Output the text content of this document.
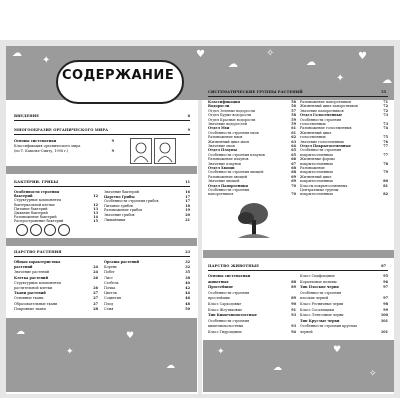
☁
✦
♥
☁
✧
☁
✦
♥
☁
СОДЕРЖАНИЕ
ВВЕДЕНИЕ	8
МНОГООБРАЗИЕ ОРГАНИЧЕСКОГО МИРА	9
Основы систематики	9
Классификация органического мира
(по Т. Кавалье-Смиту, 1998 г.)	9
БАКТЕРИИ. ГРИБЫ	11
Особенности строения
бактерий	12
Структурные компоненты
бактериальной клетки	12
Питание бактерий	13
Дыхание бактерий	13
Размножение бактерий	14
Распространение бактерий	15
Значение бактерий	16
Царство Грибы	17
Особенности строения грибов	17
Питание грибов	18
Размножение грибов	19
Значение грибов	20
Лишайники	21
ЦАРСТВО РАСТЕНИЯ	23
Общая характеристика
растений	24
Значение растений	24
Клетка растений	26
Структурные компоненты
растительной клетки	26
Ткани растений	27
Основные ткани	27
Образовательные ткани	27
Покровные ткани	28
Органы растений	32
Корень	32
Побег	35
Лист	38
Стебель	40
Почка	42
Цветок	44
Соцветия	46
Плод	48
Семя	50
☁
✦
♥
☁
СИСТЕМАТИЧЕСКИЕ ГРУППЫ РАСТЕНИЙ	55
Классификация	56
Водоросли	56
Отдел Зеленые водоросли	57
Отдел Бурые водоросли	58
Отдел Красные водоросли	59
Значение водорослей	59
Отдел Мхи	61
Особенности строения мхов	61
Размножение мхов	62
Жизненный цикл мхов	63
Значение мхов	64
Отдел Плауны	65
Особенности строения плаунов	65
Размножение плаунов	66
Значение плаунов	67
Отдел Хвощи	68
Особенности строения хвощей	68
Размножение хвощей	69
Значение хвощей	69
Отдел Папоротники	70
Особенности строения
папоротников	70
Размножение папоротников	71
Жизненный цикл папоротников	72
Значение папоротников	72
Отдел Голосеменные	73
Особенности строения
голосеменных	73
Размножение голосеменных	74
Жизненный цикл
голосеменных	75
Значение голосеменных	76
Отдел Покрытосеменные	77
Особенности строения
покрытосеменных	77
Жизненные формы
покрытосеменных	78
Размножение
покрытосеменных	79
Жизненный цикл
покрытосеменных	80
Классы покрытосеменных	81
Центральные группы
покрытосеменных	82
ЦАРСТВО ЖИВОТНЫЕ	87
Основы систематики
животных	88
Простейшие	89
Особенности строения
простейших	89
Класс Саркодовые	90
Класс Жгутиковые	91
Тип Кишечнополостные	93
Особенности строения
кишечнополостных	93
Класс Гидроидные	94
Класс Сцифоидные	95
Коралловые полипы	96
Тип Плоские черви	97
Особенности строения
плоских червей	97
Класс Ресничные черви	98
Класс Сосальщики	99
Класс Ленточные черви	100
Тип Круглые черви	101
Особенности строения круглых
червей	101
✦
☁
♥
✧
